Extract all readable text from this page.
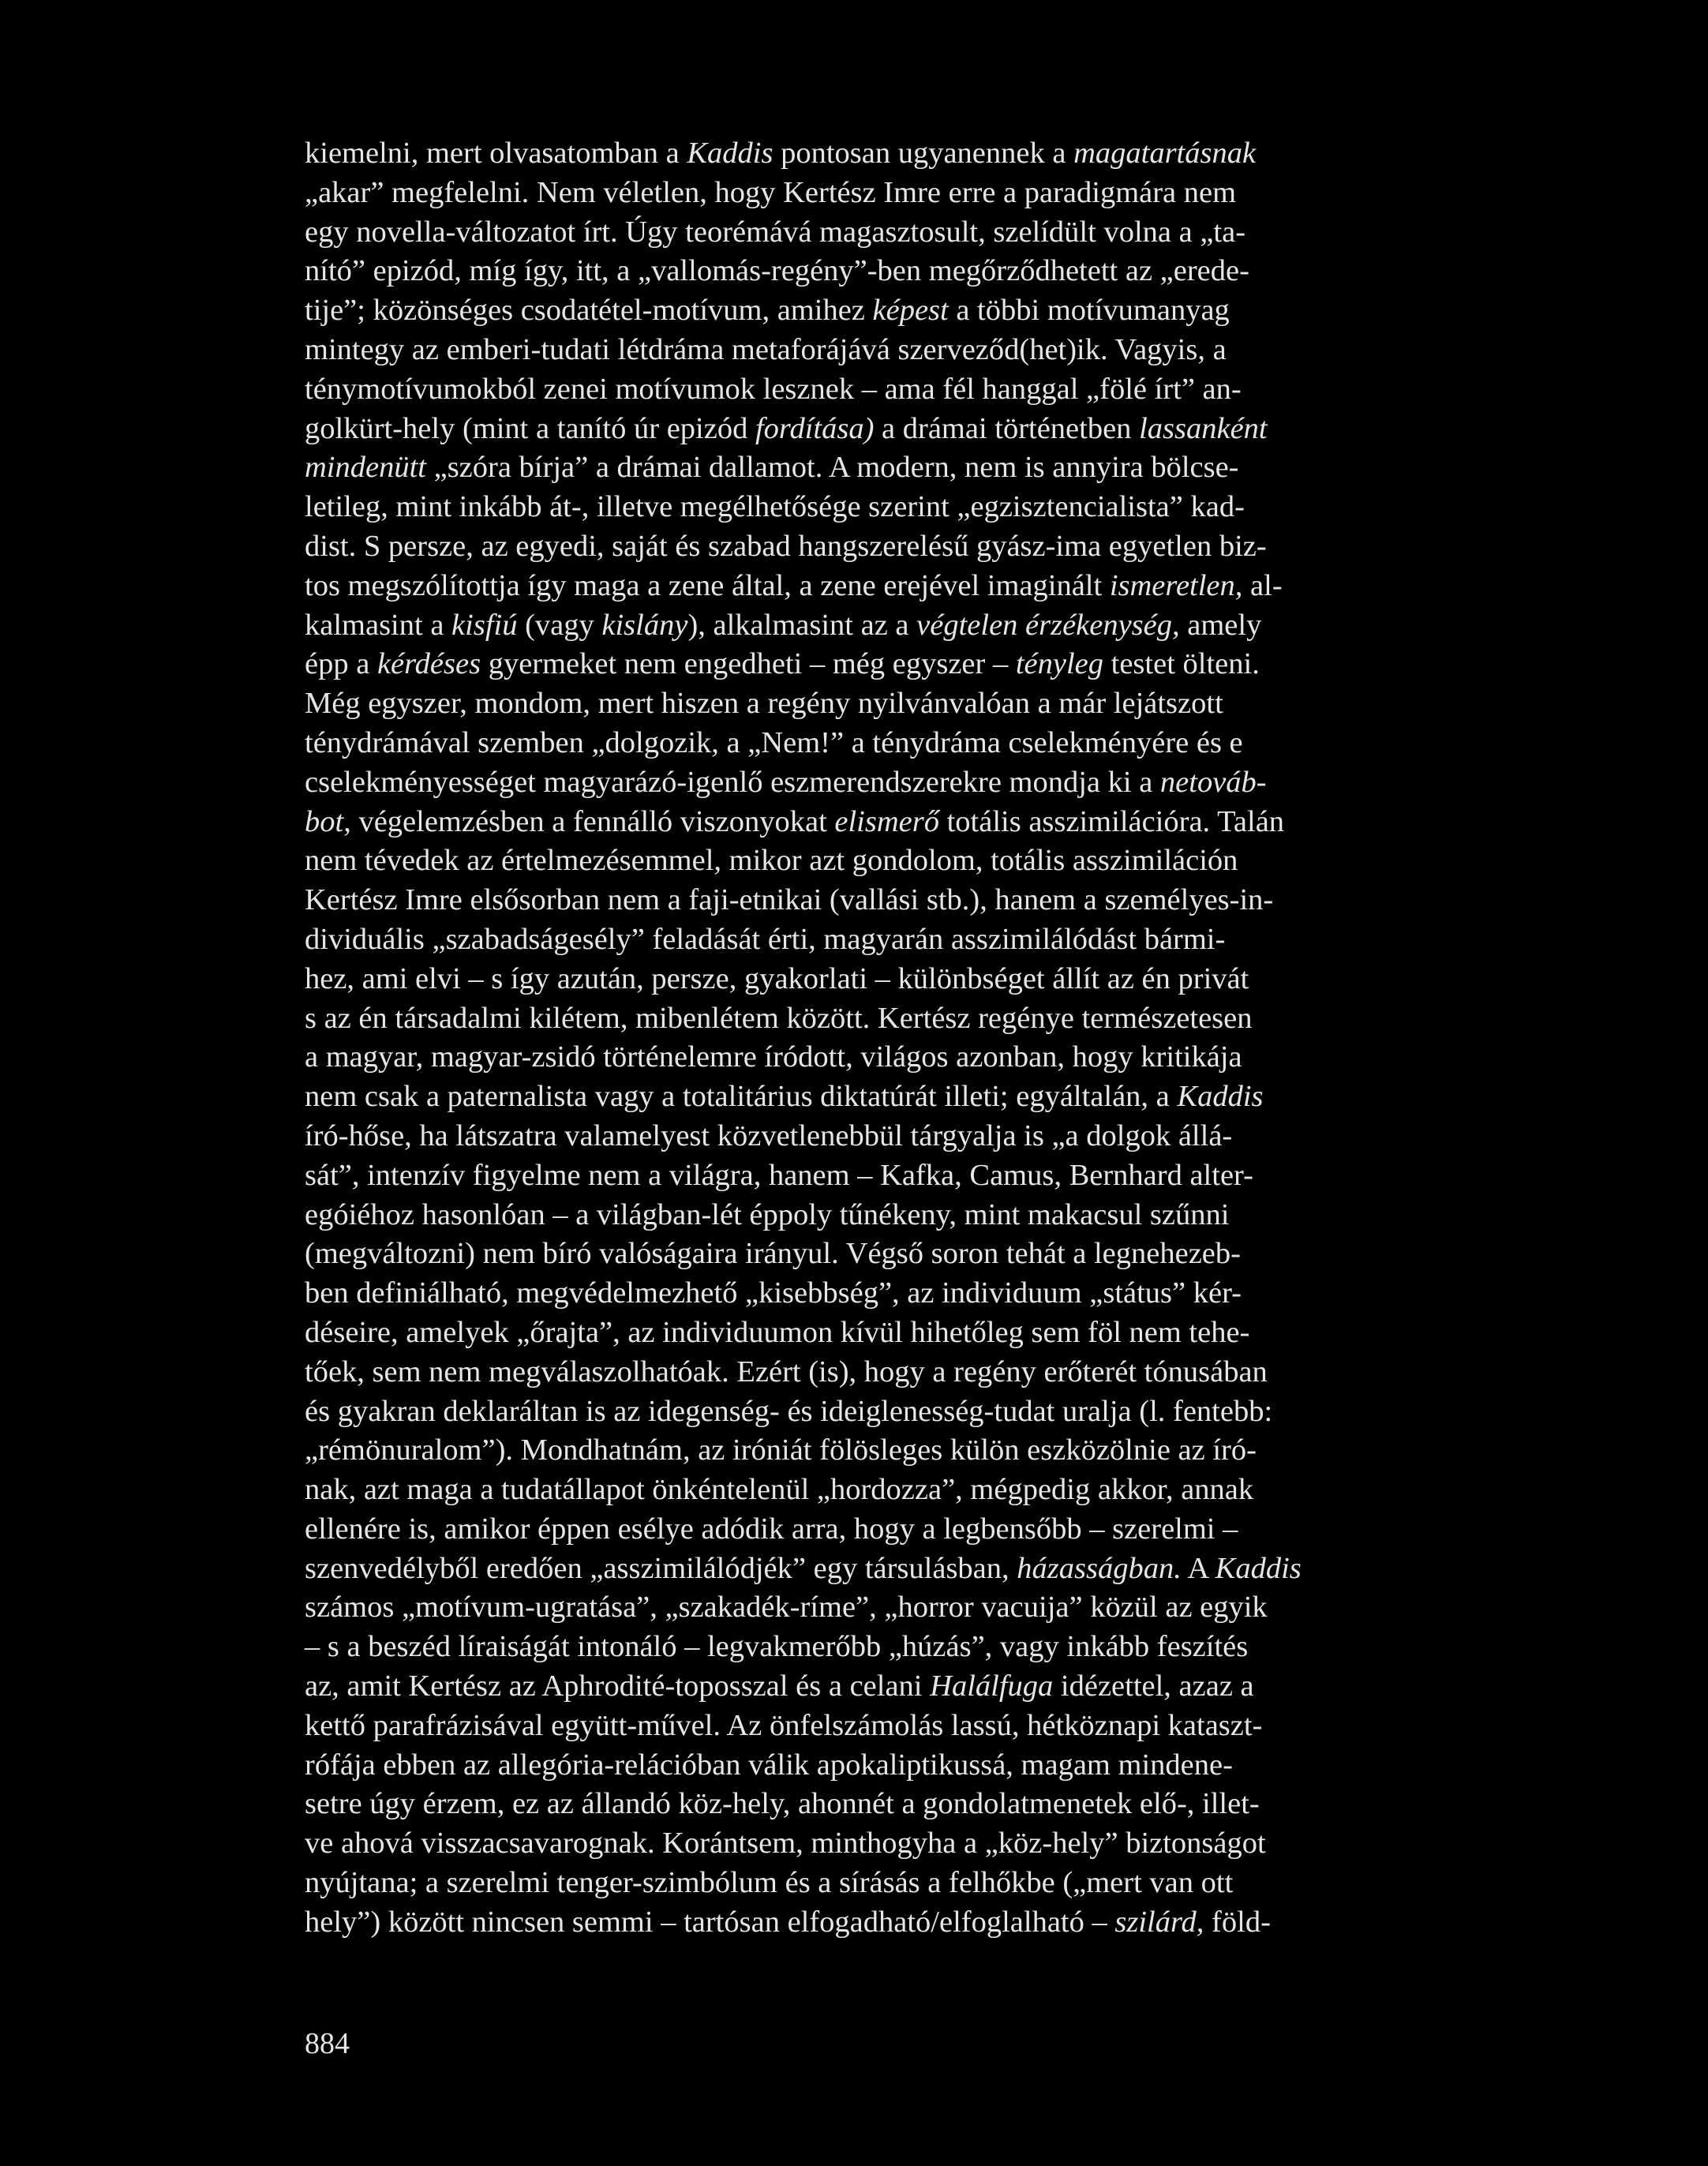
kiemelni, mert olvasatomban a Kaddis pontosan ugyanennek a magatartásnak
„akar” megfelelni. Nem véletlen, hogy Kertész Imre erre a paradigmára nem
egy novella-változatot írt. Úgy teorémává magasztosult, szelídült volna a „ta-
nító” epizód, míg így, itt, a „vallomás-regény”-ben megőrződhetett az „erede-
tije”; közönséges csodatétel-motívum, amihez képest a többi motívumanyag
mintegy az emberi-tudati létdráma metaforájává szerveződ(het)ik. Vagyis, a
ténymotívumokból zenei motívumok lesznek – ama fél hanggal „fölé írt” an-
golkürt-hely (mint a tanító úr epizód fordítása) a drámai történetben lassanként
mindenütt „szóra bírja” a drámai dallamot. A modern, nem is annyira bölcse-
letileg, mint inkább át-, illetve megélhetősége szerint „egzisztencialista” kad-
dist. S persze, az egyedi, saját és szabad hangszerelésű gyász-ima egyetlen biz-
tos megszólítottja így maga a zene által, a zene erejével imaginált ismeretlen, al-
kalmasint a kisfiú (vagy kislány), alkalmasint az a végtelen érzékenység, amely
épp a kérdéses gyermeket nem engedheti – még egyszer – tényleg testet ölteni.
Még egyszer, mondom, mert hiszen a regény nyilvánvalóan a már lejátszott
ténydrámával szemben „dolgozik, a „Nem!” a ténydráma cselekményére és e
cselekményességet magyarázó-igenlő eszmerendszerekre mondja ki a netováb-
bot, végelemzésben a fennálló viszonyokat elismerő totális asszimilációra. Talán
nem tévedek az értelmezésemmel, mikor azt gondolom, totális asszimiláción
Kertész Imre elsősorban nem a faji-etnikai (vallási stb.), hanem a személyes-in-
dividuális „szabadságesély” feladását érti, magyarán asszimilálódást bármi-
hez, ami elvi – s így azután, persze, gyakorlati – különbséget állít az én privát
s az én társadalmi kilétem, mibenlétem között. Kertész regénye természetesen
a magyar, magyar-zsidó történelemre íródott, világos azonban, hogy kritikája
nem csak a paternalista vagy a totalitárius diktatúrát illeti; egyáltalán, a Kaddis
író-hőse, ha látszatra valamelyest közvetlenebbül tárgyalja is „a dolgok állá-
sát”, intenzív figyelme nem a világra, hanem – Kafka, Camus, Bernhard alter-
egóiéhoz hasonlóan – a világban-lét éppoly tűnékeny, mint makacsul szűnni
(megváltozni) nem bíró valóságaira irányul. Végső soron tehát a legnehezeb-
ben definiálható, megvédelmezhető „kisebbség”, az individuum „státus” kér-
déseire, amelyek „őrajta”, az individuumon kívül hihetőleg sem föl nem tehe-
tőek, sem nem megválaszolhatóak. Ezért (is), hogy a regény erőterét tónusában
és gyakran deklaráltan is az idegenség- és ideiglenesség-tudat uralja (l. fentebb:
„rémönuralom”). Mondhatnám, az iróniát fölösleges külön eszközölnie az író-
nak, azt maga a tudatállapot önkéntelenül „hordozza”, mégpedig akkor, annak
ellenére is, amikor éppen esélye adódik arra, hogy a legbensőbb – szerelmi –
szenvedélyből eredően „asszimilálódjék” egy társulásban, házasságban. A Kaddis
számos „motívum-ugratása”, „szakadék-ríme”, „horror vacuija” közül az egyik
– s a beszéd líraiságát intonáló – legvakmerőbb „húzás”, vagy inkább feszítés
az, amit Kertész az Aphrodité-toposszal és a celani Halálfuga idézettel, azaz a
kettő parafrázisával együtt-művel. Az önfelszámolás lassú, hétköznapi kataszt-
rófája ebben az allegória-relációban válik apokaliptikussá, magam mindene-
setre úgy érzem, ez az állandó köz-hely, ahonnét a gondolatmenetek elő-, illet-
ve ahová visszacsavarognak. Korántsem, minthogyha a „köz-hely” biztonságot
nyújtana; a szerelmi tenger-szimbólum és a sírásás a felhőkbe („mert van ott
hely”) között nincsen semmi – tartósan elfogadható/elfoglalható – szilárd, föld-
884
